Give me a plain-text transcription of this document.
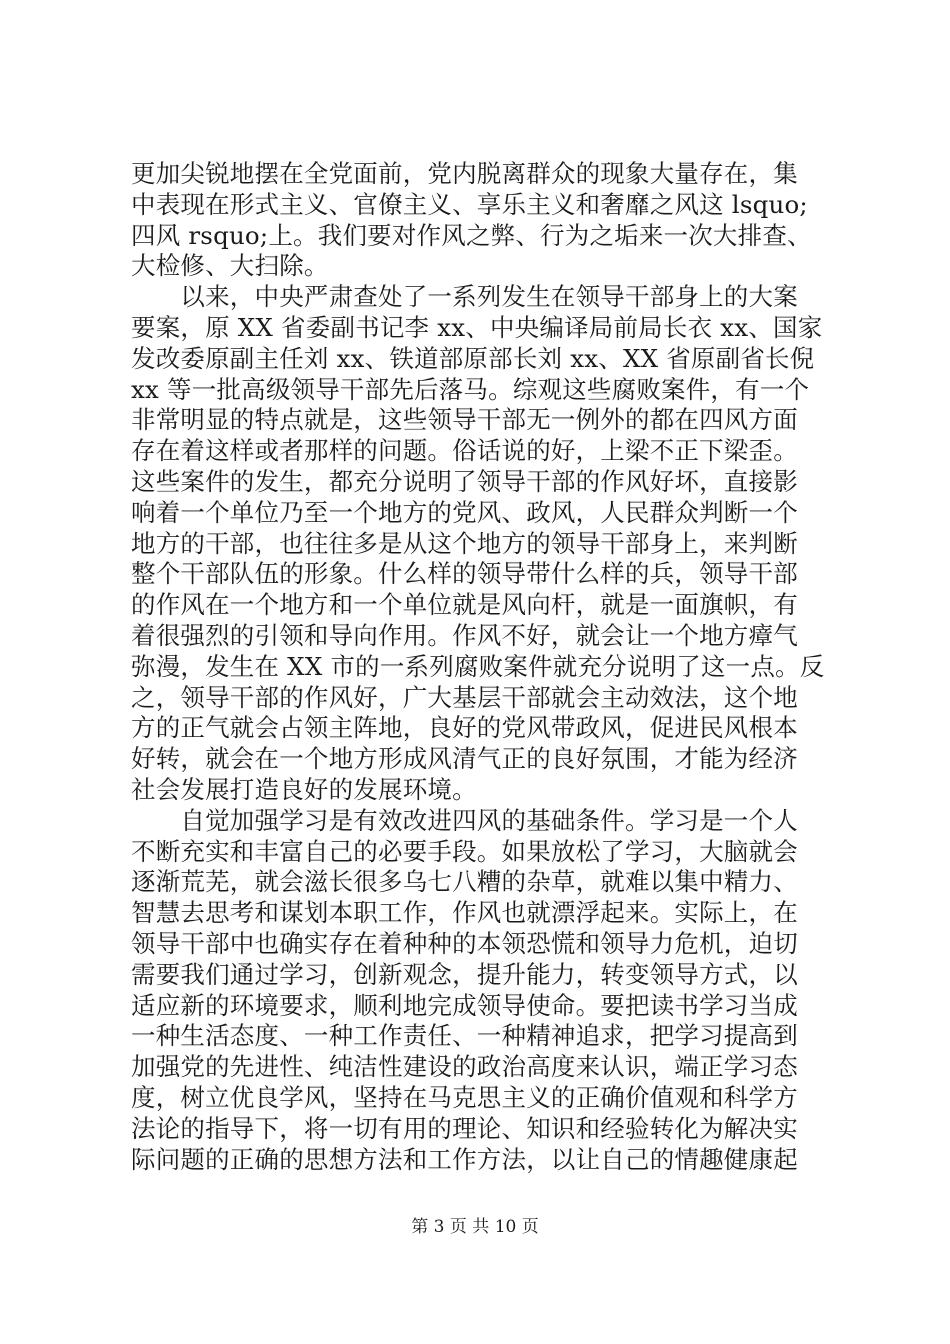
更加尖锐地摆在全党面前，党内脱离群众的现象大量存在，集
中表现在形式主义、官僚主义、享乐主义和奢靡之风这 lsquo;
四风 rsquo;上。我们要对作风之弊、行为之垢来一次大排查、
大检修、大扫除。
　　以来，中央严肃查处了一系列发生在领导干部身上的大案
要案，原 XX 省委副书记李 xx、中央编译局前局长衣 xx、国家
发改委原副主任刘 xx、铁道部原部长刘 xx、XX 省原副省长倪
xx 等一批高级领导干部先后落马。综观这些腐败案件，有一个
非常明显的特点就是，这些领导干部无一例外的都在四风方面
存在着这样或者那样的问题。俗话说的好，上梁不正下梁歪。
这些案件的发生，都充分说明了领导干部的作风好坏，直接影
响着一个单位乃至一个地方的党风、政风，人民群众判断一个
地方的干部，也往往多是从这个地方的领导干部身上，来判断
整个干部队伍的形象。什么样的领导带什么样的兵，领导干部
的作风在一个地方和一个单位就是风向杆，就是一面旗帜，有
着很强烈的引领和导向作用。作风不好，就会让一个地方瘴气
弥漫，发生在 XX 市的一系列腐败案件就充分说明了这一点。反
之，领导干部的作风好，广大基层干部就会主动效法，这个地
方的正气就会占领主阵地，良好的党风带政风，促进民风根本
好转，就会在一个地方形成风清气正的良好氛围，才能为经济
社会发展打造良好的发展环境。
　　自觉加强学习是有效改进四风的基础条件。学习是一个人
不断充实和丰富自己的必要手段。如果放松了学习，大脑就会
逐渐荒芜，就会滋长很多乌七八糟的杂草，就难以集中精力、
智慧去思考和谋划本职工作，作风也就漂浮起来。实际上，在
领导干部中也确实存在着种种的本领恐慌和领导力危机，迫切
需要我们通过学习，创新观念，提升能力，转变领导方式，以
适应新的环境要求，顺利地完成领导使命。要把读书学习当成
一种生活态度、一种工作责任、一种精神追求，把学习提高到
加强党的先进性、纯洁性建设的政治高度来认识，端正学习态
度，树立优良学风，坚持在马克思主义的正确价值观和科学方
法论的指导下，将一切有用的理论、知识和经验转化为解决实
际问题的正确的思想方法和工作方法，以让自己的情趣健康起
第 3 页 共 10 页
